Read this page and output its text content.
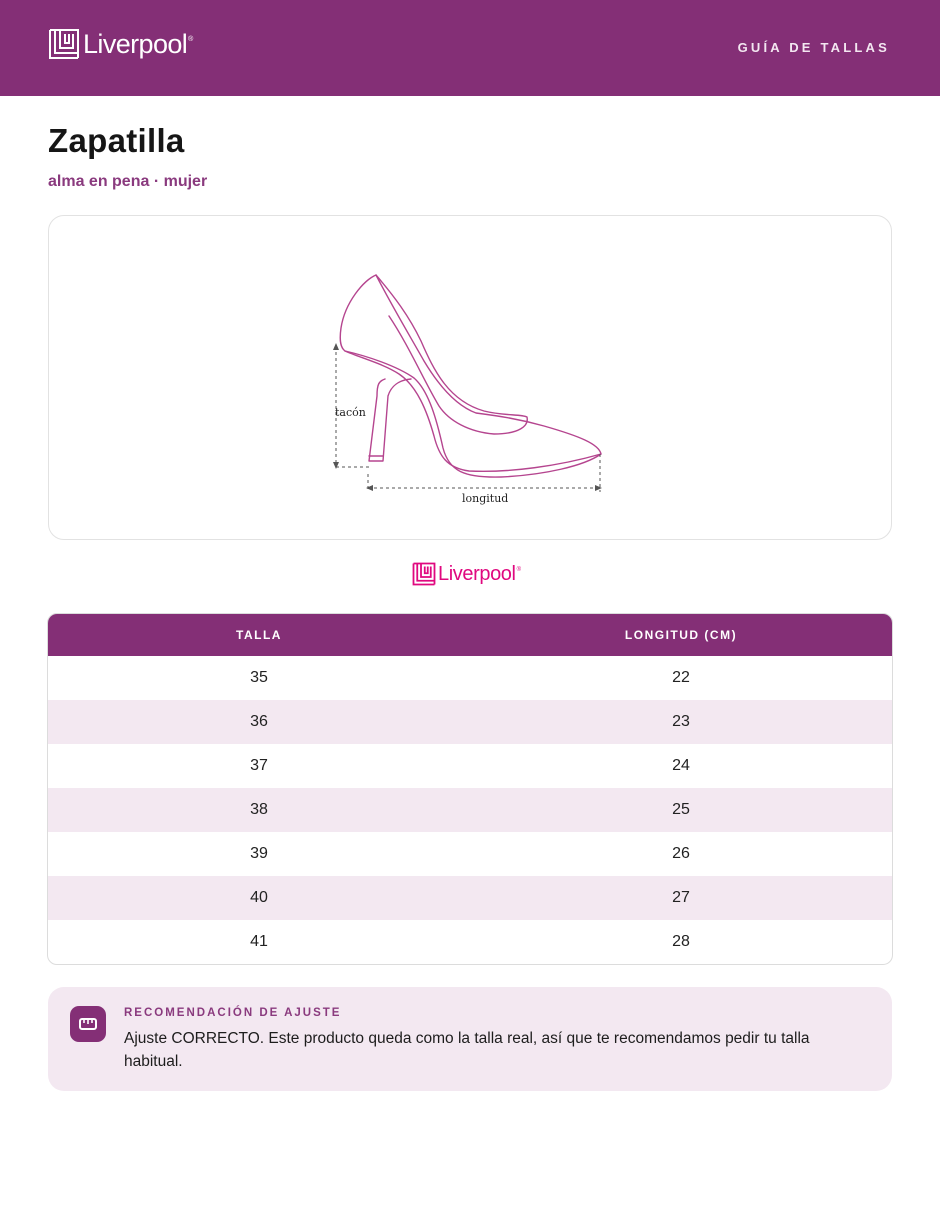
Liverpool ®
GUÍA DE TALLAS
Zapatilla
alma en pena · mujer
tacón
longitud
Liverpool ®
TALLA	LONGITUD (CM)
35	22
36	23
37	24
38	25
39	26
40	27
41	28
RECOMENDACIÓN DE AJUSTE
Ajuste CORRECTO. Este producto queda como la talla real, así que te recomendamos pedir tu talla habitual.
